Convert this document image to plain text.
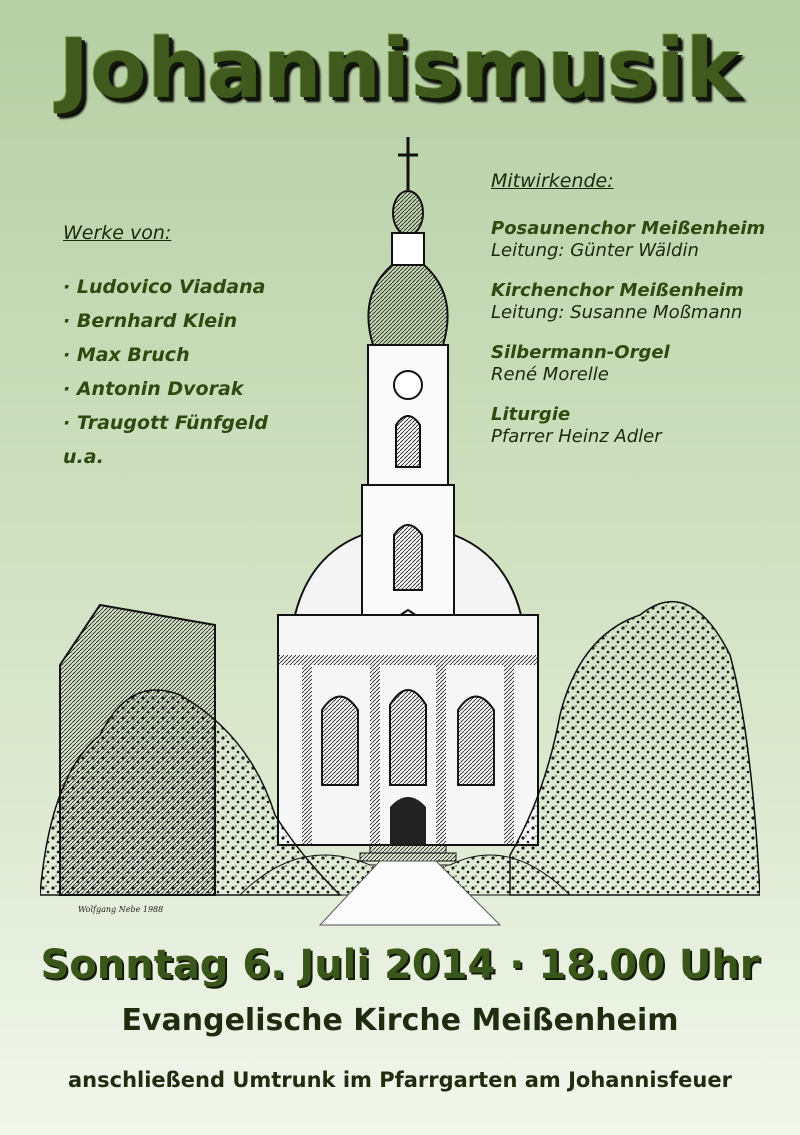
Johannismusik
Werke von:
· Ludovico Viadana
· Bernhard Klein
· Max Bruch
· Antonin Dvorak
· Traugott Fünfgeld
u.a.
Mitwirkende:
Posaunenchor Meißenheim
Leitung: Günter Wäldin
Kirchenchor Meißenheim
Leitung: Susanne Moßmann
Silbermann-Orgel
René Morelle
Liturgie
Pfarrer Heinz Adler
Wolfgang Nebe 1988
Sonntag 6. Juli 2014 · 18.00 Uhr
Evangelische Kirche Meißenheim
anschließend Umtrunk im Pfarrgarten am Johannisfeuer
